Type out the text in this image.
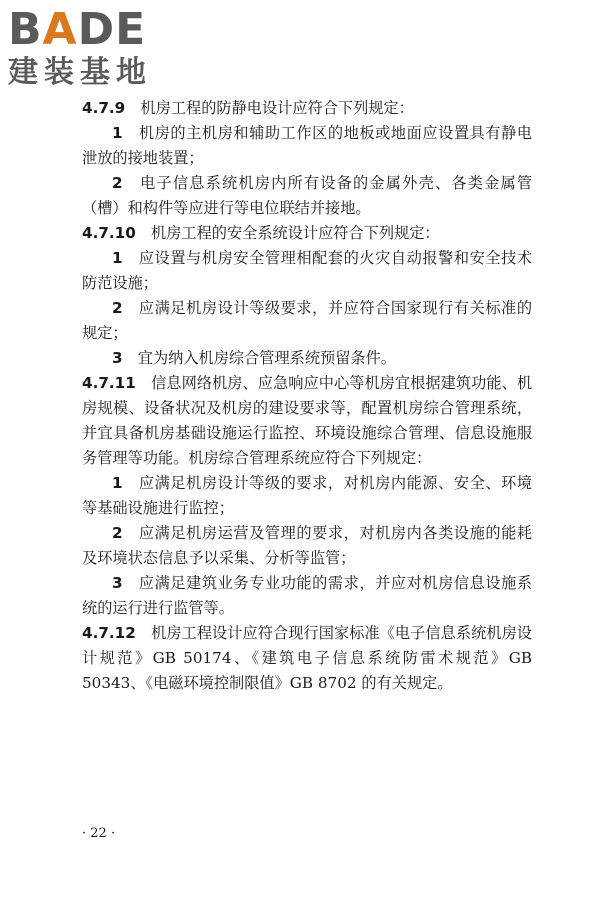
BADE
建装基地

4.7.9　 机房工程的防静电设计应符合下列规定：

1　 机房的主机房和辅助工作区的地板或地面应设置具有静电泄放的接地装置；

2　 电子信息系统机房内所有设备的金属外壳、各类金属管（槽）和构件等应进行等电位联结并接地。

4.7.10　 机房工程的安全系统设计应符合下列规定：

1　 应设置与机房安全管理相配套的火灾自动报警和安全技术防范设施；

2　 应满足机房设计等级要求，并应符合国家现行有关标准的规定；

3　 宜为纳入机房综合管理系统预留条件。

4.7.11　 信息网络机房、应急响应中心等机房宜根据建筑功能、机房规模、设备状况及机房的建设要求等，配置机房综合管理系统，并宜具备机房基础设施运行监控、环境设施综合管理、信息设施服务管理等功能。机房综合管理系统应符合下列规定：

1　 应满足机房设计等级的要求，对机房内能源、安全、环境等基础设施进行监控；

2　 应满足机房运营及管理的要求，对机房内各类设施的能耗及环境状态信息予以采集、分析等监管；

3　 应满足建筑业务专业功能的需求，并应对机房信息设施系统的运行进行监管等。

4.7.12　 机房工程设计应符合现行国家标准《电子信息系统机房设计规范》GB 50174、《建筑电子信息系统防雷术规范》GB 50343、《电磁环境控制限值》GB 8702 的有关规定。

· 22 ·
